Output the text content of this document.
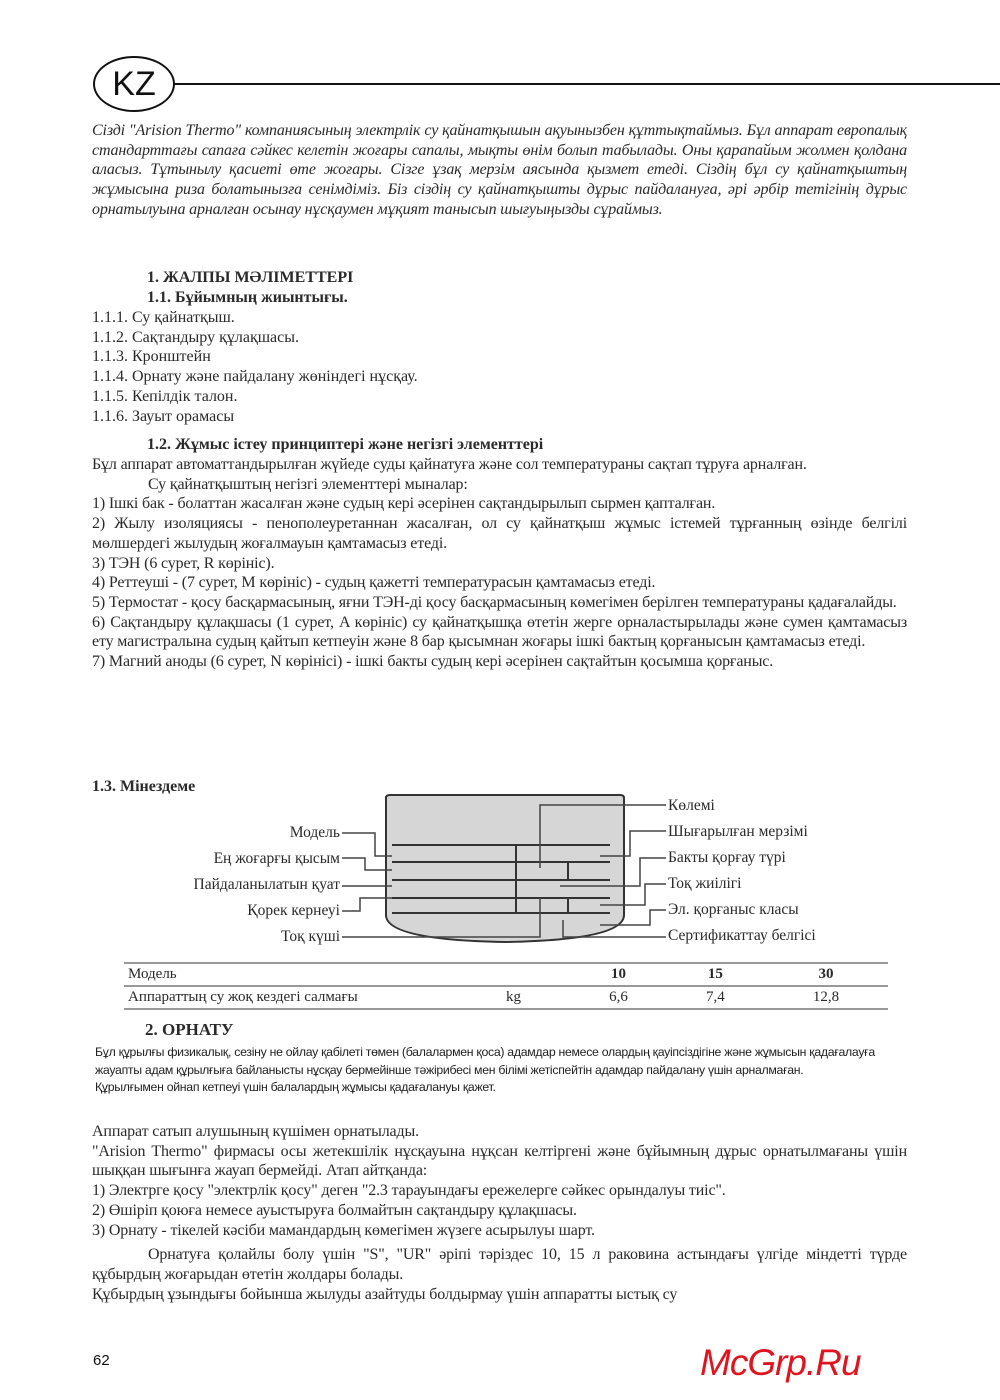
KZ
Сізді "Arision Thermo" компаниясының электрлік су қайнатқышын ақуынызбен құттықтаймыз. Бұл аппарат европалық стандарттағы сапаға сәйкес келетін жоғары сапалы, мықты өнім болып табылады. Оны қарапайым жолмен қолдана аласыз. Тұтынылу қасиеті өте жоғары. Сізге ұзақ мерзім аясында қызмет етеді. Сіздің бұл су қайнатқыштың жұмысына риза болатынызға сенімдіміз. Біз сіздің су қайнатқышты дұрыс пайдалануға, әрі әрбір тетігінің дұрыс орнатылуына арналған осынау нұсқаумен мұқият танысып шығуыңызды сұраймыз.
1. ЖАЛПЫ МӘЛІМЕТТЕРІ
1.1. Бұйымның жиынтығы.
1.1.1. Су қайнатқыш.
1.1.2. Сақтандыру құлақшасы.
1.1.3. Кронштейн
1.1.4. Орнату және пайдалану жөніндегі нұсқау.
1.1.5. Кепілдік талон.
1.1.6. Зауыт орамасы
1.2. Жұмыс істеу принциптері және негізгі элементтері

Бұл аппарат автоматтандырылған жүйеде суды қайнатуға және сол температураны сақтап тұруға арналған.

Су қайнатқыштың негізгі элементтері мыналар:

1) Ішкі бак - болаттан жасалған және судың кері әсерінен сақтандырылып сырмен қапталған.

2) Жылу изоляциясы - пенополеуретаннан жасалған, ол су қайнатқыш жұмыс істемей тұрғанның өзінде белгілі мөлшердегі жылудың жоғалмауын қамтамасыз етеді.

3) ТЭН (6 сурет, R көрініс).

4) Реттеуші - (7 сурет, M көрініс) - судың қажетті температурасын қамтамасыз етеді.

5) Термостат - қосу басқармасының, яғни ТЭН-ді қосу басқармасының көмегімен берілген температураны қадағалайды.

6) Сақтандыру құлақшасы (1 сурет, A көрініс) су қайнатқышқа өтетін жерге орналастырылады және сумен қамтамасыз ету магистралына судың қайтып кетпеуін және 8 бар қысымнан жоғары ішкі бактың қорғанысын қамтамасыз етеді.

7) Магний аноды (6 сурет, N көрінісі) - ішкі бакты судың кері әсерінен сақтайтын қосымша қорғаныс.

1.3. Мінездеме
Модель
Ең жоғарғы қысым
Пайдаланылатын қуат
Қорек кернеуі
Тоқ күші
Көлемі
Шығарылған мерзімі
Бакты қорғау түрі
Тоқ жиілігі
Эл. қорғаныс класы
Сертификаттау белгісі
Модель		10	15	30
Аппараттың су жоқ кездегі салмағы	kg	6,6	7,4	12,8
2. ОРНАТУ
Бұл құрылғы физикалық, сезіну не ойлау қабілеті төмен (балалармен қоса) адамдар немесе олардың қауіпсіздігіне және жұмысын қадағалауға жауапты адам құрылғыға байланысты нұсқау бермейінше тәжірибесі мен білімі жетіспейтін адамдар пайдалану үшін арналмаған. Құрылғымен ойнап кетпеуі үшін балалардың жұмысы қадағалануы қажет.

Аппарат сатып алушының күшімен орнатылады.

"Arision Thermo" фирмасы осы жетекшілік нұсқауына нұқсан келтіргені және бұйымның дұрыс орнатылмағаны үшін шыққан шығынға жауап бермейді. Атап айтқанда:

1) Электрге қосу "электрлік қосу" деген "2.3 тарауындағы ережелерге сәйкес орындалуы тиіс".

2) Өшіріп қоюға немесе ауыстыруға болмайтын сақтандыру құлақшасы.

3) Орнату - тікелей кәсіби мамандардың көмегімен жүзеге асырылуы шарт.

Орнатуға қолайлы болу үшін "S", "UR" әріпі тәріздес 10, 15 л раковина астындағы үлгіде міндетті түрде құбырдың жоғарыдан өтетін жолдары болады.

Құбырдың ұзындығы бойынша жылуды азайтуды болдырмау үшін аппаратты ыстық су

62	McGrp.Ru
